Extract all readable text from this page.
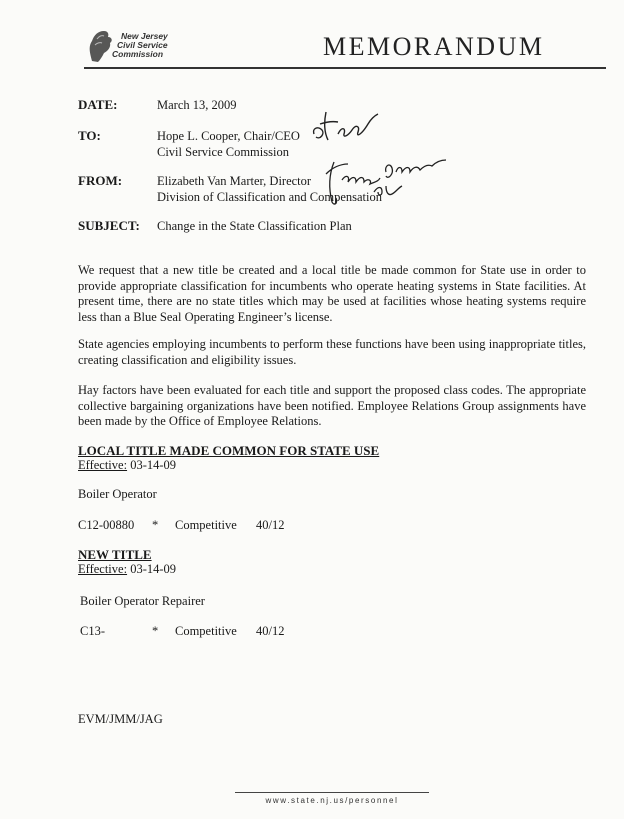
New Jersey
Civil Service
Commission	MEMORANDUM
DATE:	March 13, 2009
TO:	Hope L. Cooper, Chair/CEO
Civil Service Commission
FROM:	Elizabeth Van Marter, Director
Division of Classification and Compensation
SUBJECT: Change in the State Classification Plan
We request that a new title be created and a local title be made common for State use in order to provide appropriate classification for incumbents who operate heating systems in State facilities. At present time, there are no state titles which may be used at facilities whose heating systems require less than a Blue Seal Operating Engineer’s license.
State agencies employing incumbents to perform these functions have been using inappropriate titles, creating classification and eligibility issues.
Hay factors have been evaluated for each title and support the proposed class codes. The appropriate collective bargaining organizations have been notified. Employee Relations Group assignments have been made by the Office of Employee Relations.
LOCAL TITLE MADE COMMON FOR STATE USE
Effective: 03-14-09
Boiler Operator
C12-00880 * Competitive 40/12
NEW TITLE
Effective: 03-14-09
Boiler Operator Repairer
C13-	* Competitive 40/12
EVM/JMM/JAG
www.state.nj.us/personnel
